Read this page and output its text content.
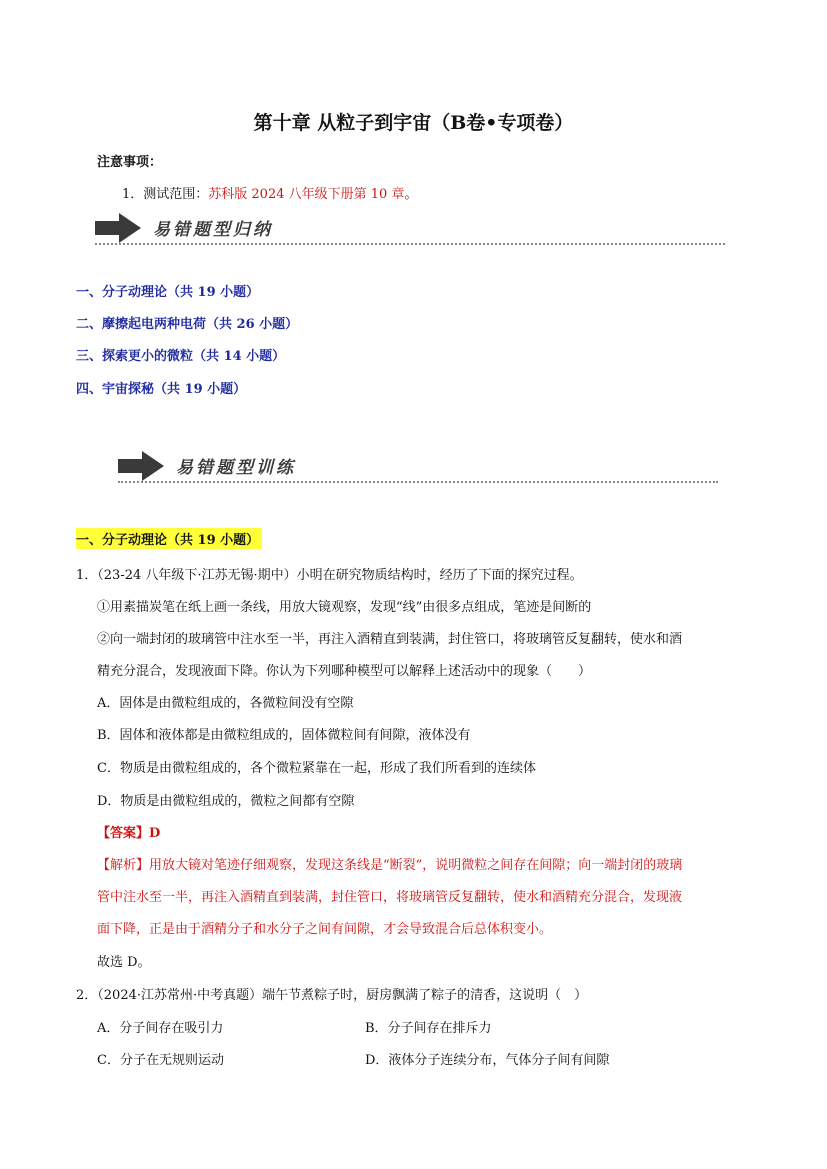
第十章 从粒子到宇宙（B卷•专项卷）
注意事项：
1．测试范围：苏科版 2024 八年级下册第 10 章。
易错题型归纳
一、分子动理论（共 19 小题）
二、摩擦起电两种电荷（共 26 小题）
三、探索更小的微粒（共 14 小题）
四、宇宙探秘（共 19 小题）
易错题型训练
一、分子动理论（共 19 小题）
1．（23-24 八年级下·江苏无锡·期中）小明在研究物质结构时，经历了下面的探究过程。
①用素描炭笔在纸上画一条线，用放大镜观察，发现“线”由很多点组成，笔迹是间断的
②向一端封闭的玻璃管中注水至一半，再注入酒精直到装满，封住管口，将玻璃管反复翻转，使水和酒
精充分混合，发现液面下降。你认为下列哪种模型可以解释上述活动中的现象（　　）
A．固体是由微粒组成的，各微粒间没有空隙
B．固体和液体都是由微粒组成的，固体微粒间有间隙，液体没有
C．物质是由微粒组成的，各个微粒紧靠在一起，形成了我们所看到的连续体
D．物质是由微粒组成的，微粒之间都有空隙
【答案】D
【解析】用放大镜对笔迹仔细观察，发现这条线是“断裂”，说明微粒之间存在间隙；向一端封闭的玻璃
管中注水至一半，再注入酒精直到装满，封住管口，将玻璃管反复翻转，使水和酒精充分混合，发现液
面下降，正是由于酒精分子和水分子之间有间隙，才会导致混合后总体积变小。
故选 D。
2．（2024·江苏常州·中考真题）端午节煮粽子时，厨房飘满了粽子的清香，这说明（　）
A．分子间存在吸引力	B．分子间存在排斥力
C．分子在无规则运动	D．液体分子连续分布，气体分子间有间隙
